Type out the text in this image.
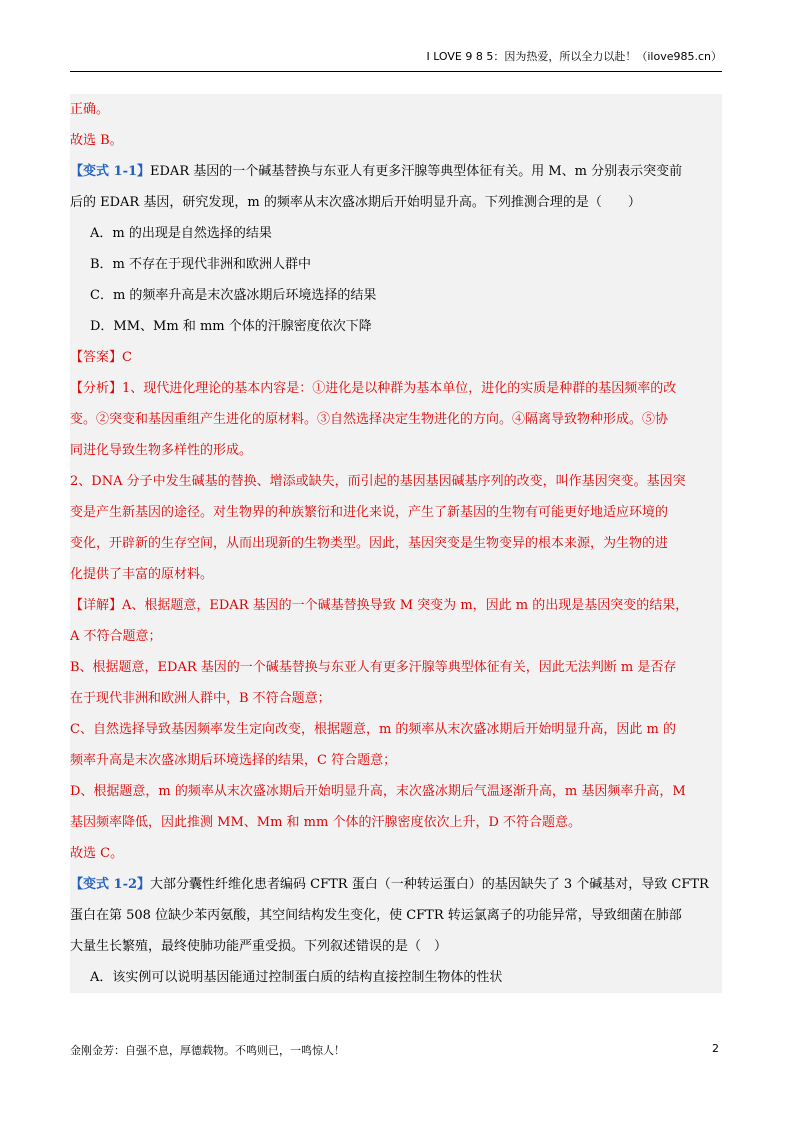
I LOVE 9 8 5：因为热爱，所以全力以赴！（ilove985.cn）
正确。
故选 B。
【变式 1-1】EDAR 基因的一个碱基替换与东亚人有更多汗腺等典型体征有关。用 M、m 分别表示突变前
后的 EDAR 基因，研究发现，m 的频率从末次盛冰期后开始明显升高。下列推测合理的是（　　）
A．m 的出现是自然选择的结果
B．m 不存在于现代非洲和欧洲人群中
C．m 的频率升高是末次盛冰期后环境选择的结果
D．MM、Mm 和 mm 个体的汗腺密度依次下降
【答案】C
【分析】1、现代进化理论的基本内容是：①进化是以种群为基本单位，进化的实质是种群的基因频率的改
变。②突变和基因重组产生进化的原材料。③自然选择决定生物进化的方向。④隔离导致物种形成。⑤协
同进化导致生物多样性的形成。
2、DNA 分子中发生碱基的替换、增添或缺失，而引起的基因基因碱基序列的改变，叫作基因突变。基因突
变是产生新基因的途径。对生物界的种族繁衍和进化来说，产生了新基因的生物有可能更好地适应环境的
变化，开辟新的生存空间，从而出现新的生物类型。因此，基因突变是生物变异的根本来源，为生物的进
化提供了丰富的原材料。
【详解】A、根据题意，EDAR 基因的一个碱基替换导致 M 突变为 m，因此 m 的出现是基因突变的结果，
A 不符合题意；
B、根据题意，EDAR 基因的一个碱基替换与东亚人有更多汗腺等典型体征有关，因此无法判断 m 是否存
在于现代非洲和欧洲人群中，B 不符合题意；
C、自然选择导致基因频率发生定向改变，根据题意，m 的频率从末次盛冰期后开始明显升高，因此 m 的
频率升高是末次盛冰期后环境选择的结果，C 符合题意；
D、根据题意，m 的频率从末次盛冰期后开始明显升高，末次盛冰期后气温逐渐升高，m 基因频率升高，M
基因频率降低，因此推测 MM、Mm 和 mm 个体的汗腺密度依次上升，D 不符合题意。
故选 C。
【变式 1-2】大部分囊性纤维化患者编码 CFTR 蛋白（一种转运蛋白）的基因缺失了 3 个碱基对，导致 CFTR
蛋白在第 508 位缺少苯丙氨酸，其空间结构发生变化，使 CFTR 转运氯离子的功能异常，导致细菌在肺部
大量生长繁殖，最终使肺功能严重受损。下列叙述错误的是（　）
A．该实例可以说明基因能通过控制蛋白质的结构直接控制生物体的性状
金刚金芳：自强不息，厚德载物。不鸣则已，一鸣惊人！	2
